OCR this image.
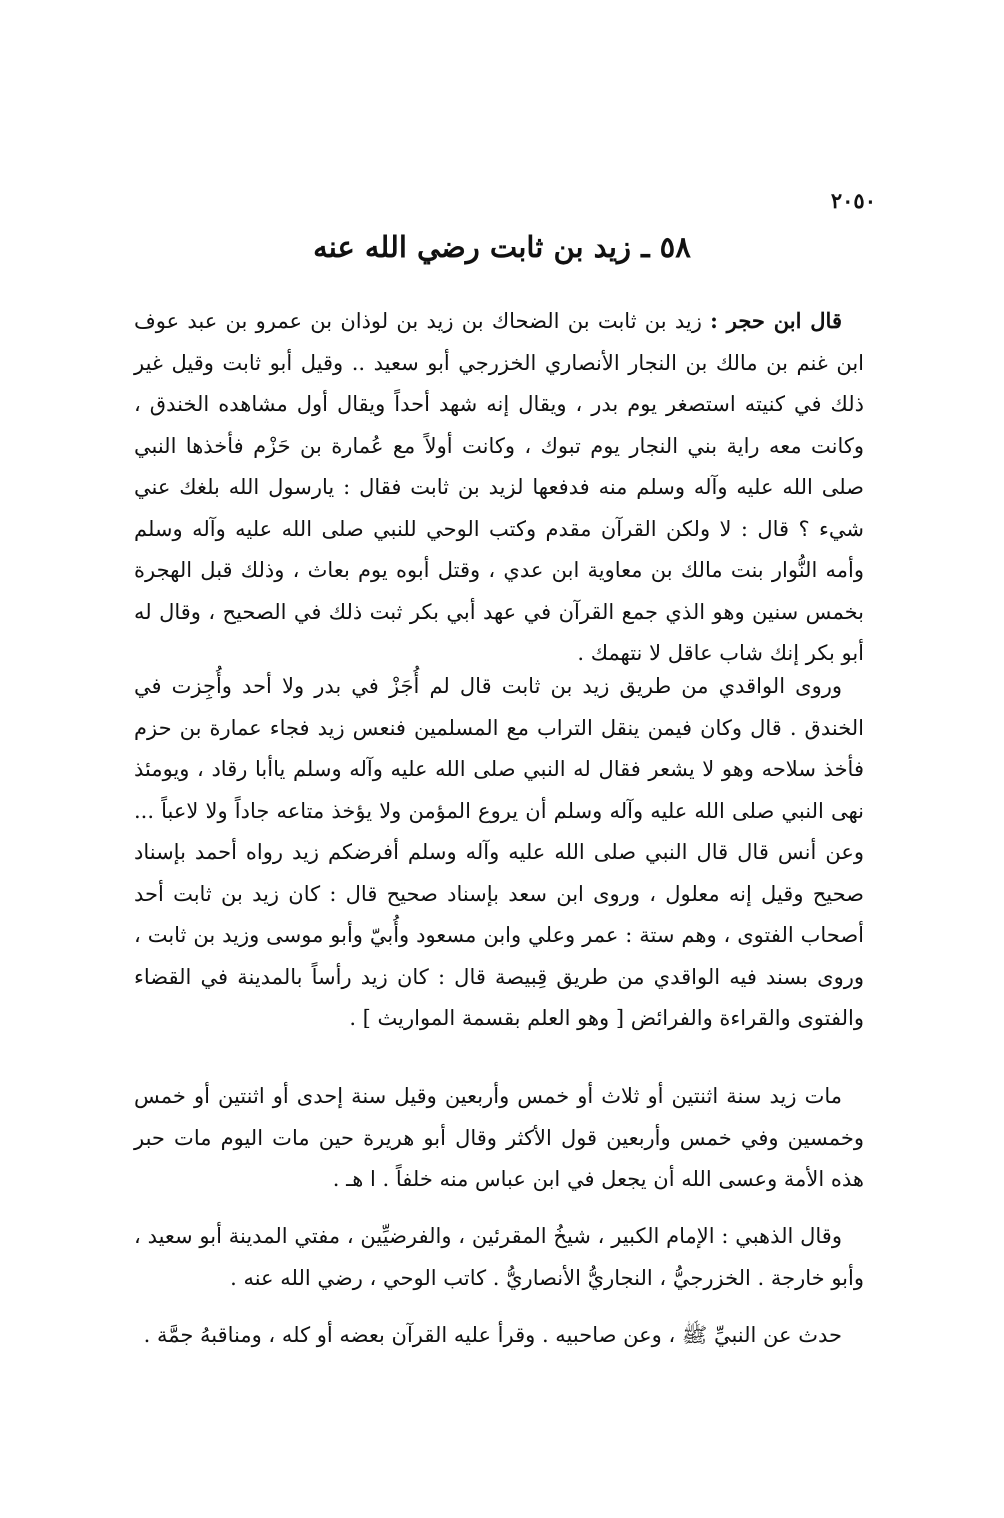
٢٠٥٠
٥٨ ـ زيد بن ثابت رضي الله عنه

قال ابن حجر : زيد بن ثابت بن الضحاك بن زيد بن لوذان بن عمرو بن عبد عوف ابن غنم بن مالك بن النجار الأنصاري الخزرجي أبو سعيد .. وقيل أبو ثابت وقيل غير ذلك في كنيته استصغر يوم بدر ، ويقال إنه شهد أحداً ويقال أول مشاهده الخندق ، وكانت معه راية بني النجار يوم تبوك ، وكانت أولاً مع عُمارة بن حَزْم فأخذها النبي صلى الله عليه وآله وسلم منه فدفعها لزيد بن ثابت فقال : يارسول الله بلغك عني شيء ؟ قال : لا ولكن القرآن مقدم وكتب الوحي للنبي صلى الله عليه وآله وسلم وأمه النُّوار بنت مالك بن معاوية ابن عدي ، وقتل أبوه يوم بعاث ، وذلك قبل الهجرة بخمس سنين وهو الذي جمع القرآن في عهد أبي بكر ثبت ذلك في الصحيح ، وقال له أبو بكر إنك شاب عاقل لا نتهمك .

وروى الواقدي من طريق زيد بن ثابت قال لم أُجَزْ في بدر ولا أحد وأُجِزت في الخندق . قال وكان فيمن ينقل التراب مع المسلمين فنعس زيد فجاء عمارة بن حزم فأخذ سلاحه وهو لا يشعر فقال له النبي صلى الله عليه وآله وسلم ياأبا رقاد ، ويومئذ نهى النبي صلى الله عليه وآله وسلم أن يروع المؤمن ولا يؤخذ متاعه جاداً ولا لاعباً ... وعن أنس قال قال النبي صلى الله عليه وآله وسلم أفرضكم زيد رواه أحمد بإسناد صحيح وقيل إنه معلول ، وروى ابن سعد بإسناد صحيح قال : كان زيد بن ثابت أحد أصحاب الفتوى ، وهم ستة : عمر وعلي وابن مسعود وأُبيّ وأبو موسى وزيد بن ثابت ، وروى بسند فيه الواقدي من طريق قِبيصة قال : كان زيد رأساً بالمدينة في القضاء والفتوى والقراءة والفرائض [ وهو العلم بقسمة المواريث ] .

مات زيد سنة اثنتين أو ثلاث أو خمس وأربعين وقيل سنة إحدى أو اثنتين أو خمس وخمسين وفي خمس وأربعين قول الأكثر وقال أبو هريرة حين مات اليوم مات حبر هذه الأمة وعسى الله أن يجعل في ابن عباس منه خلفاً . ا هـ .

وقال الذهبي : الإمام الكبير ، شيخُ المقرئين ، والفرضيِّين ، مفتي المدينة أبو سعيد ، وأبو خارجة . الخزرجيُّ ، النجاريُّ الأنصاريُّ . كاتب الوحي ، رضي الله عنه .

حدث عن النبيِّ ﷺ ، وعن صاحبيه . وقرأ عليه القرآن بعضه أو كله ، ومناقبهُ جمَّة .
